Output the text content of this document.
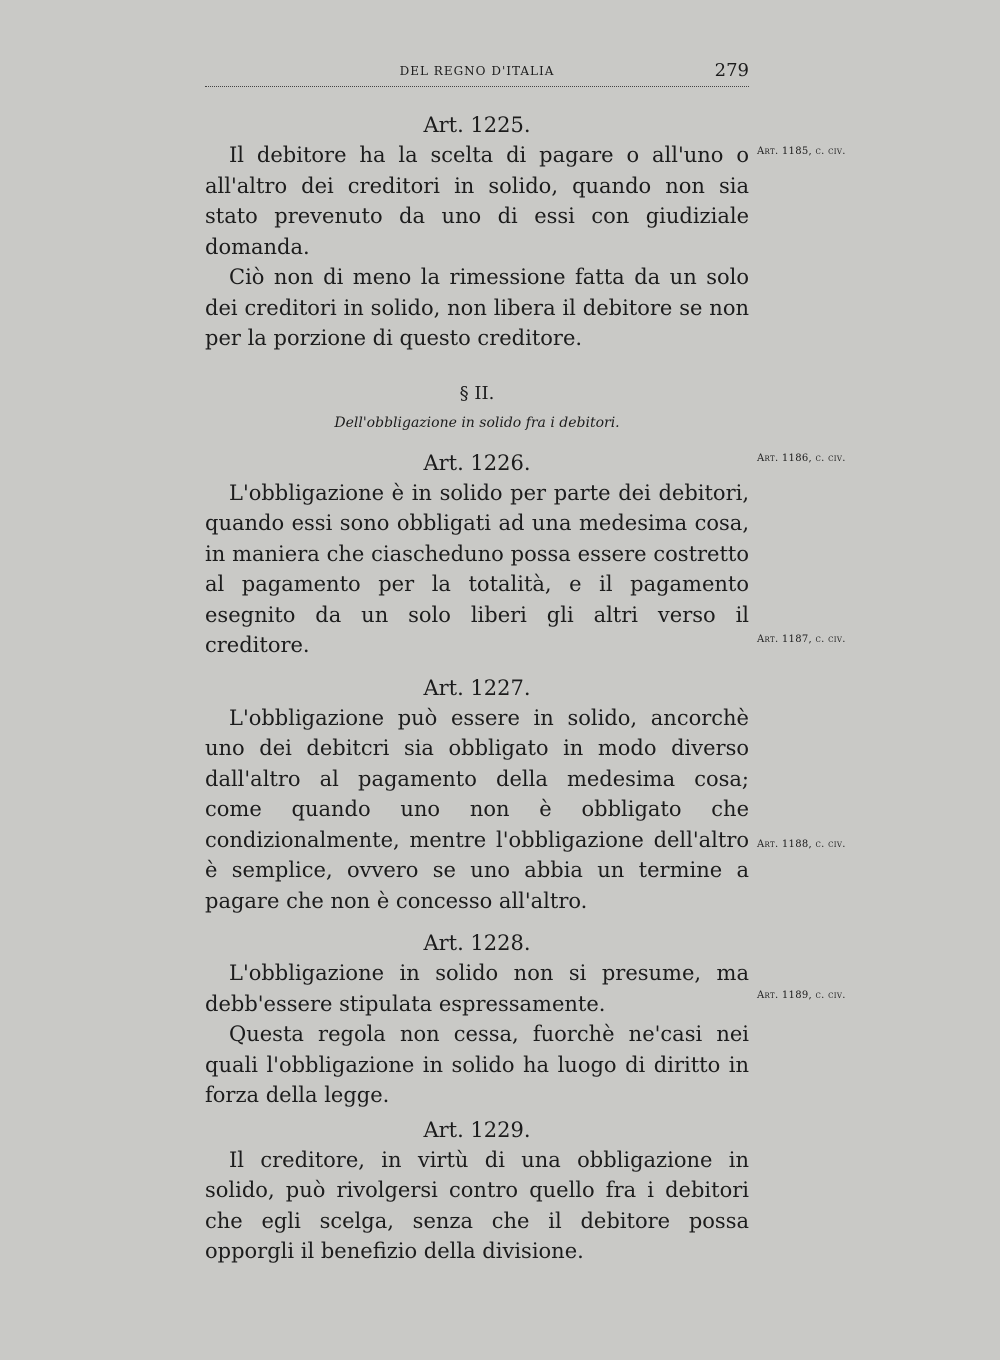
DEL REGNO D'ITALIA	279
Art. 1185, c. civ.
Art. 1186, c. civ.
Art. 1187, c. civ.
Art. 1188, c. civ.
Art. 1189, c. civ.

Art. 1225.

Il debitore ha la scelta di pagare o all'uno o all'altro dei creditori in solido, quando non sia stato prevenuto da uno di essi con giudiziale domanda.

Ciò non di meno la rimessione fatta da un solo dei creditori in solido, non libera il debitore se non per la porzione di questo creditore.

§ II.

Dell'obbligazione in solido fra i debitori.

Art. 1226.

L'obbligazione è in solido per parte dei debitori, quando essi sono obbligati ad una medesima cosa, in maniera che ciascheduno possa essere costretto al pagamento per la totalità, e il pagamento esegnito da un solo liberi gli altri verso il creditore.

Art. 1227.

L'obbligazione può essere in solido, ancorchè uno dei debitcri sia obbligato in modo diverso dall'altro al pagamento della medesima cosa; come quando uno non è obbligato che condizionalmente, mentre l'obbligazione dell'altro è semplice, ovvero se uno abbia un termine a pagare che non è concesso all'altro.

Art. 1228.

L'obbligazione in solido non si presume, ma debb'essere stipulata espressamente.

Questa regola non cessa, fuorchè ne'casi nei quali l'obbligazione in solido ha luogo di diritto in forza della legge.

Art. 1229.

Il creditore, in virtù di una obbligazione in solido, può rivolgersi contro quello fra i debitori che egli scelga, senza che il debitore possa opporgli il benefizio della divisione.
